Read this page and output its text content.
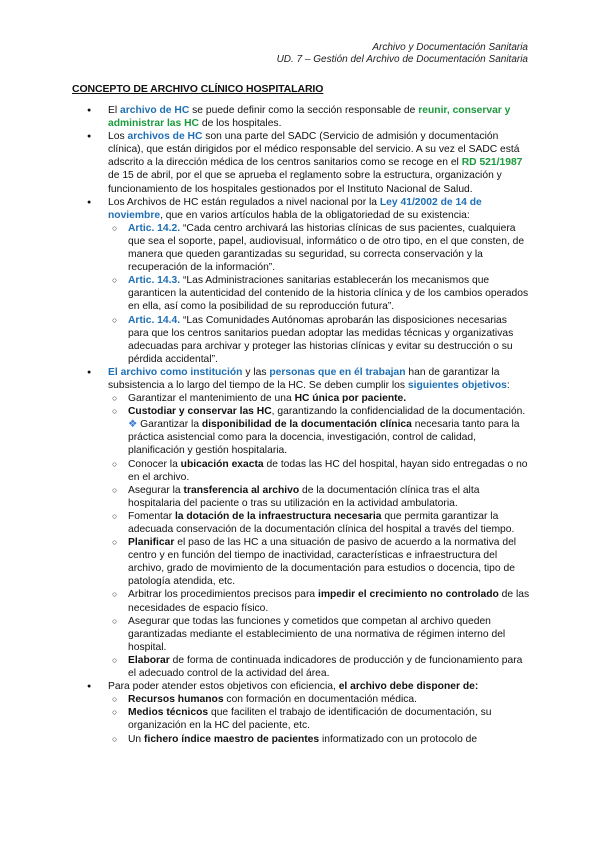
Archivo y Documentación Sanitaria
UD. 7 – Gestión del Archivo de Documentación Sanitaria
CONCEPTO DE ARCHIVO CLÍNICO HOSPITALARIO
● El archivo de HC se puede definir como la sección responsable de reunir, conservar y administrar las HC de los hospitales.
● Los archivos de HC son una parte del SADC (Servicio de admisión y documentación clínica), que están dirigidos por el médico responsable del servicio. A su vez el SADC está adscrito a la dirección médica de los centros sanitarios como se recoge en el RD 521/1987 de 15 de abril, por el que se aprueba el reglamento sobre la estructura, organización y funcionamiento de los hospitales gestionados por el Instituto Nacional de Salud.
● Los Archivos de HC están regulados a nivel nacional por la Ley 41/2002 de 14 de noviembre, que en varios artículos habla de la obligatoriedad de su existencia:
○ Artic. 14.2. “Cada centro archivará las historias clínicas de sus pacientes, cualquiera que sea el soporte, papel, audiovisual, informático o de otro tipo, en el que consten, de manera que queden garantizadas su seguridad, su correcta conservación y la recuperación de la información”.
○ Artic. 14.3. “Las Administraciones sanitarias establecerán los mecanismos que garanticen la autenticidad del contenido de la historia clínica y de los cambios operados en ella, así como la posibilidad de su reproducción futura”.
○ Artic. 14.4. “Las Comunidades Autónomas aprobarán las disposiciones necesarias para que los centros sanitarios puedan adoptar las medidas técnicas y organizativas adecuadas para archivar y proteger las historias clínicas y evitar su destrucción o su pérdida accidental”.
● El archivo como institución y las personas que en él trabajan han de garantizar la subsistencia a lo largo del tiempo de la HC. Se deben cumplir los siguientes objetivos:
○ Garantizar el mantenimiento de una HC única por paciente.
○ Custodiar y conservar las HC, garantizando la confidencialidad de la documentación. ❖ Garantizar la disponibilidad de la documentación clínica necesaria tanto para la práctica asistencial como para la docencia, investigación, control de calidad, planificación y gestión hospitalaria.
○ Conocer la ubicación exacta de todas las HC del hospital, hayan sido entregadas o no en el archivo.
○ Asegurar la transferencia al archivo de la documentación clínica tras el alta hospitalaria del paciente o tras su utilización en la actividad ambulatoria.
○ Fomentar la dotación de la infraestructura necesaria que permita garantizar la adecuada conservación de la documentación clínica del hospital a través del tiempo.
○ Planificar el paso de las HC a una situación de pasivo de acuerdo a la normativa del centro y en función del tiempo de inactividad, características e infraestructura del archivo, grado de movimiento de la documentación para estudios o docencia, tipo de patología atendida, etc.
○ Arbitrar los procedimientos precisos para impedir el crecimiento no controlado de las necesidades de espacio físico.
○ Asegurar que todas las funciones y cometidos que competan al archivo queden garantizadas mediante el establecimiento de una normativa de régimen interno del hospital.
○ Elaborar de forma de continuada indicadores de producción y de funcionamiento para el adecuado control de la actividad del área.
● Para poder atender estos objetivos con eficiencia, el archivo debe disponer de:
○ Recursos humanos con formación en documentación médica.
○ Medios técnicos que faciliten el trabajo de identificación de documentación, su organización en la HC del paciente, etc.
○ Un fichero índice maestro de pacientes informatizado con un protocolo de
